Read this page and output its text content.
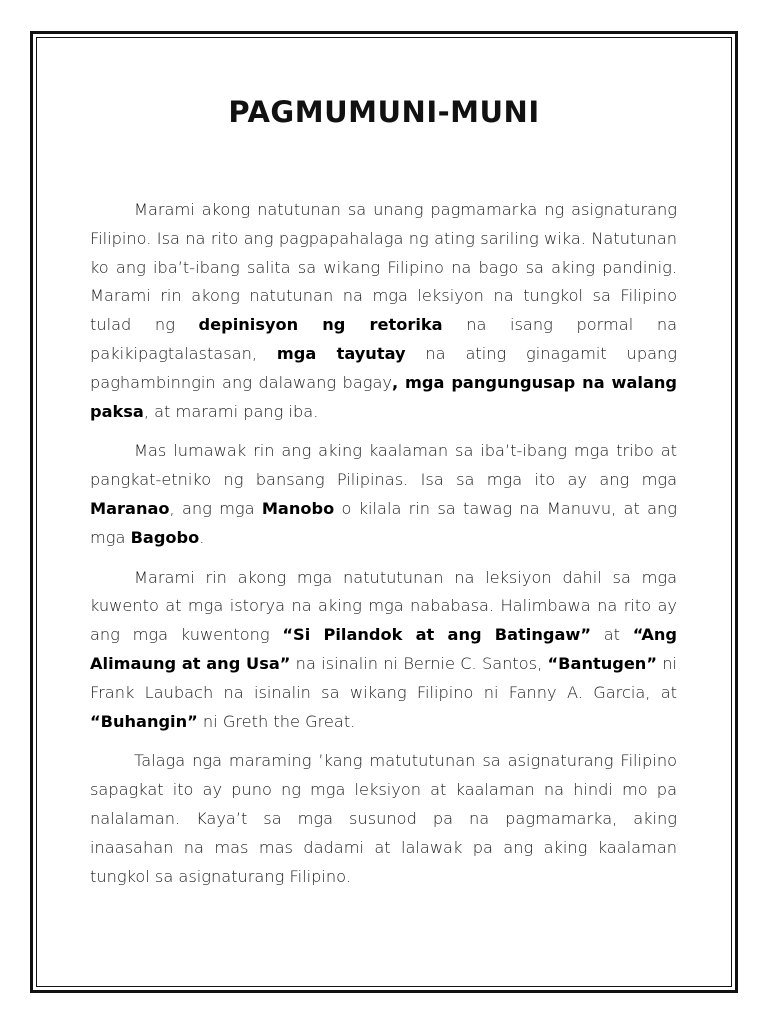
PAGMUMUNI-MUNI

Marami akong natutunan sa unang pagmamarka ng asignaturang Filipino. Isa na rito ang pagpapahalaga ng ating sariling wika. Natutunan ko ang iba’t-ibang salita sa wikang Filipino na bago sa aking pandinig. Marami rin akong natutunan na mga leksiyon na tungkol sa Filipino tulad ng depinisyon ng retorika na isang pormal na pakikipagtalastasan, mga tayutay na ating ginagamit upang paghambinngin ang dalawang bagay, mga pangungusap na walang paksa, at marami pang iba.

Mas lumawak rin ang aking kaalaman sa iba’t-ibang mga tribo at pangkat-etniko ng bansang Pilipinas. Isa sa mga ito ay ang mga Maranao, ang mga Manobo o kilala rin sa tawag na Manuvu, at ang mga Bagobo.

Marami rin akong mga natututunan na leksiyon dahil sa mga kuwento at mga istorya na aking mga nababasa. Halimbawa na rito ay ang mga kuwentong “Si Pilandok at ang Batingaw” at “Ang Alimaung at ang Usa” na isinalin ni Bernie C. Santos, “Bantugen” ni Frank Laubach na isinalin sa wikang Filipino ni Fanny A. Garcia, at “Buhangin” ni Greth the Great.

Talaga nga maraming ’kang matututunan sa asignaturang Filipino sapagkat ito ay puno ng mga leksiyon at kaalaman na hindi mo pa nalalaman. Kaya’t sa mga susunod pa na pagmamarka, aking inaasahan na mas mas dadami at lalawak pa ang aking kaalaman tungkol sa asignaturang Filipino.
